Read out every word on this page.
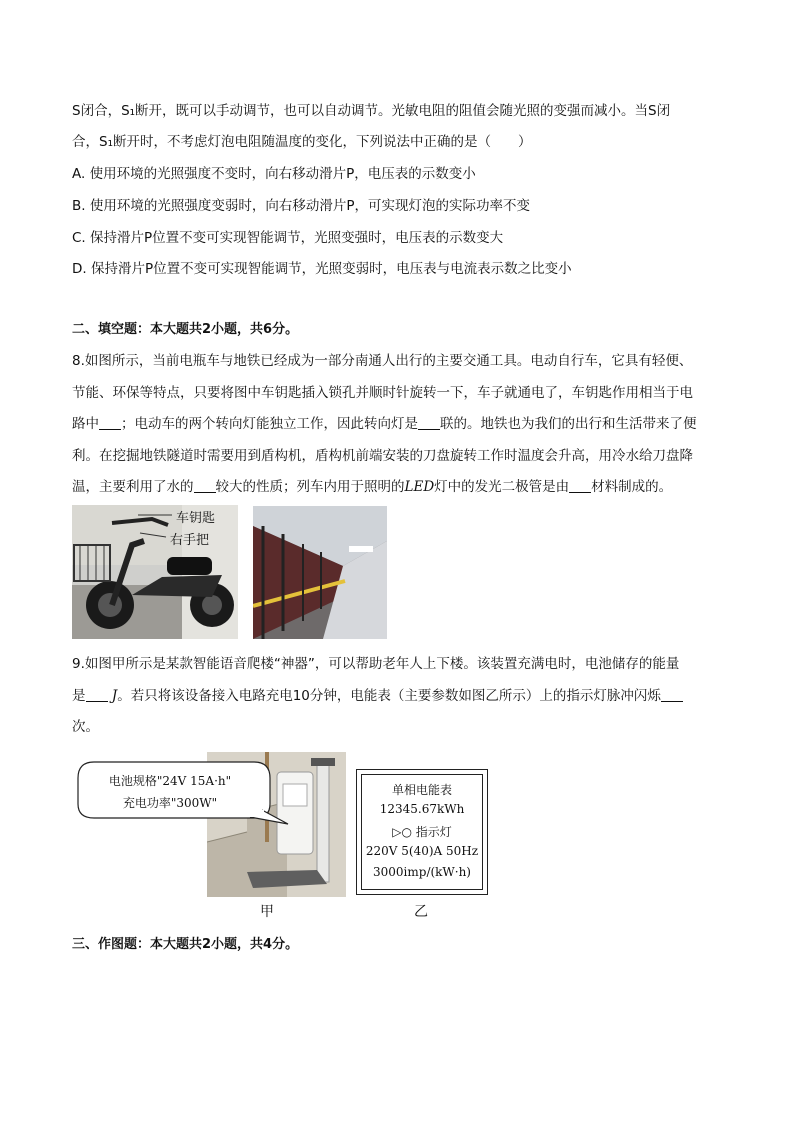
S闭合，S₁断开，既可以手动调节，也可以自动调节。光敏电阻的阻值会随光照的变强而减小。当S闭
合，S₁断开时，不考虑灯泡电阻随温度的变化，下列说法中正确的是（　　）
A. 使用环境的光照强度不变时，向右移动滑片P，电压表的示数变小
B. 使用环境的光照强度变弱时，向右移动滑片P，可实现灯泡的实际功率不变
C. 保持滑片P位置不变可实现智能调节，光照变强时，电压表的示数变大
D. 保持滑片P位置不变可实现智能调节，光照变弱时，电压表与电流表示数之比变小
二、填空题：本大题共2小题，共6分。
8.如图所示，当前电瓶车与地铁已经成为一部分南通人出行的主要交通工具。电动自行车，它具有轻便、
节能、环保等特点，只要将图中车钥匙插入锁孔并顺时针旋转一下，车子就通电了，车钥匙作用相当于电
路中 ；电动车的两个转向灯能独立工作，因此转向灯是 联的。地铁也为我们的出行和生活带来了便
利。在挖掘地铁隧道时需要用到盾构机，盾构机前端安装的刀盘旋转工作时温度会升高，用冷水给刀盘降
温，主要利用了水的 较大的性质；列车内用于照明的LED灯中的发光二极管是由 材料制成的。
车钥匙
右手把
9.如图甲所示是某款智能语音爬楼“神器”，可以帮助老年人上下楼。该装置充满电时，电池储存的能量
是 J。若只将该设备接入电路充电10分钟，电能表（主要参数如图乙所示）上的指示灯脉冲闪烁
次。
电池规格"24V 15A·h"
充电功率"300W"
单相电能表
12345.67kWh
▷○ 指示灯
220V 5(40)A 50Hz
3000imp/(kW·h)
甲	乙
三、作图题：本大题共2小题，共4分。
